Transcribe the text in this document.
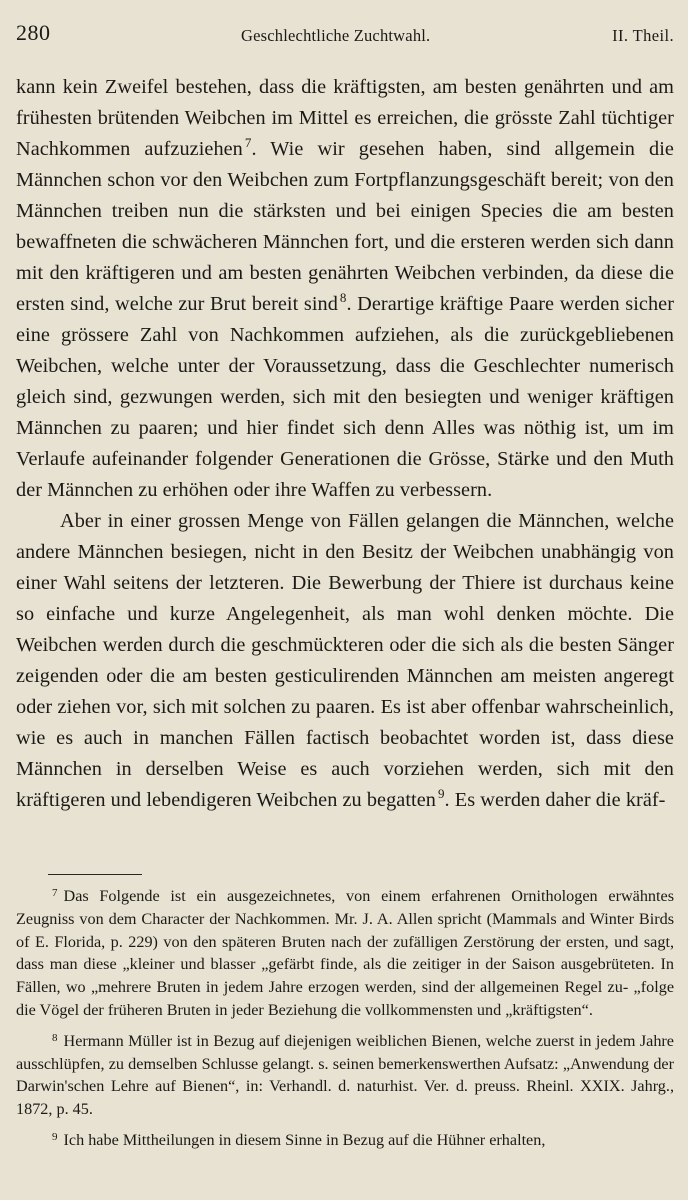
280	Geschlechtliche Zuchtwahl.	II. Theil.

kann kein Zweifel bestehen, dass die kräftigsten, am besten genährten und am frühesten brütenden Weibchen im Mittel es erreichen, die grösste Zahl tüchtiger Nachkommen aufzuziehen $^7$. Wie wir gesehen haben, sind allgemein die Männchen schon vor den Weibchen zum Fortpflanzungsgeschäft bereit; von den Männchen treiben nun die stärksten und bei einigen Species die am besten bewaffneten die schwächeren Männchen fort, und die ersteren werden sich dann mit den kräftigeren und am besten genährten Weibchen verbinden, da diese die ersten sind, welche zur Brut bereit sind $^8$. Derartige kräftige Paare werden sicher eine grössere Zahl von Nachkommen aufziehen, als die zurückgebliebenen Weibchen, welche unter der Voraussetzung, dass die Geschlechter numerisch gleich sind, gezwungen werden, sich mit den besiegten und weniger kräftigen Männchen zu paaren; und hier findet sich denn Alles was nöthig ist, um im Verlaufe aufeinander folgender Generationen die Grösse, Stärke und den Muth der Männchen zu erhöhen oder ihre Waffen zu verbessern.

Aber in einer grossen Menge von Fällen gelangen die Männchen, welche andere Männchen besiegen, nicht in den Besitz der Weibchen unabhängig von einer Wahl seitens der letzteren. Die Bewerbung der Thiere ist durchaus keine so einfache und kurze Angelegenheit, als man wohl denken möchte. Die Weibchen werden durch die geschmückteren oder die sich als die besten Sänger zeigenden oder die am besten gesticulirenden Männchen am meisten angeregt oder ziehen vor, sich mit solchen zu paaren. Es ist aber offenbar wahrscheinlich, wie es auch in manchen Fällen factisch beobachtet worden ist, dass diese Männchen in derselben Weise es auch vorziehen werden, sich mit den kräftigeren und lebendigeren Weibchen zu begatten $^9$. Es werden daher die kräf-

$^7$ Das Folgende ist ein ausgezeichnetes, von einem erfahrenen Ornithologen erwähntes Zeugniss von dem Character der Nachkommen. Mr. J. A. Allen spricht (Mammals and Winter Birds of E. Florida, p. 229) von den späteren Bruten nach der zufälligen Zerstörung der ersten, und sagt, dass man diese „kleiner und blasser „gefärbt finde, als die zeitiger in der Saison ausgebrüteten. In Fällen, wo „mehrere Bruten in jedem Jahre erzogen werden, sind der allgemeinen Regel zu- „folge die Vögel der früheren Bruten in jeder Beziehung die vollkommensten und „kräftigsten“.

$^8$ Hermann Müller ist in Bezug auf diejenigen weiblichen Bienen, welche zuerst in jedem Jahre ausschlüpfen, zu demselben Schlusse gelangt. s. seinen bemerkenswerthen Aufsatz: „Anwendung der Darwin'schen Lehre auf Bienen“, in: Verhandl. d. naturhist. Ver. d. preuss. Rheinl. XXIX. Jahrg., 1872, p. 45.

$^9$ Ich habe Mittheilungen in diesem Sinne in Bezug auf die Hühner erhalten,
